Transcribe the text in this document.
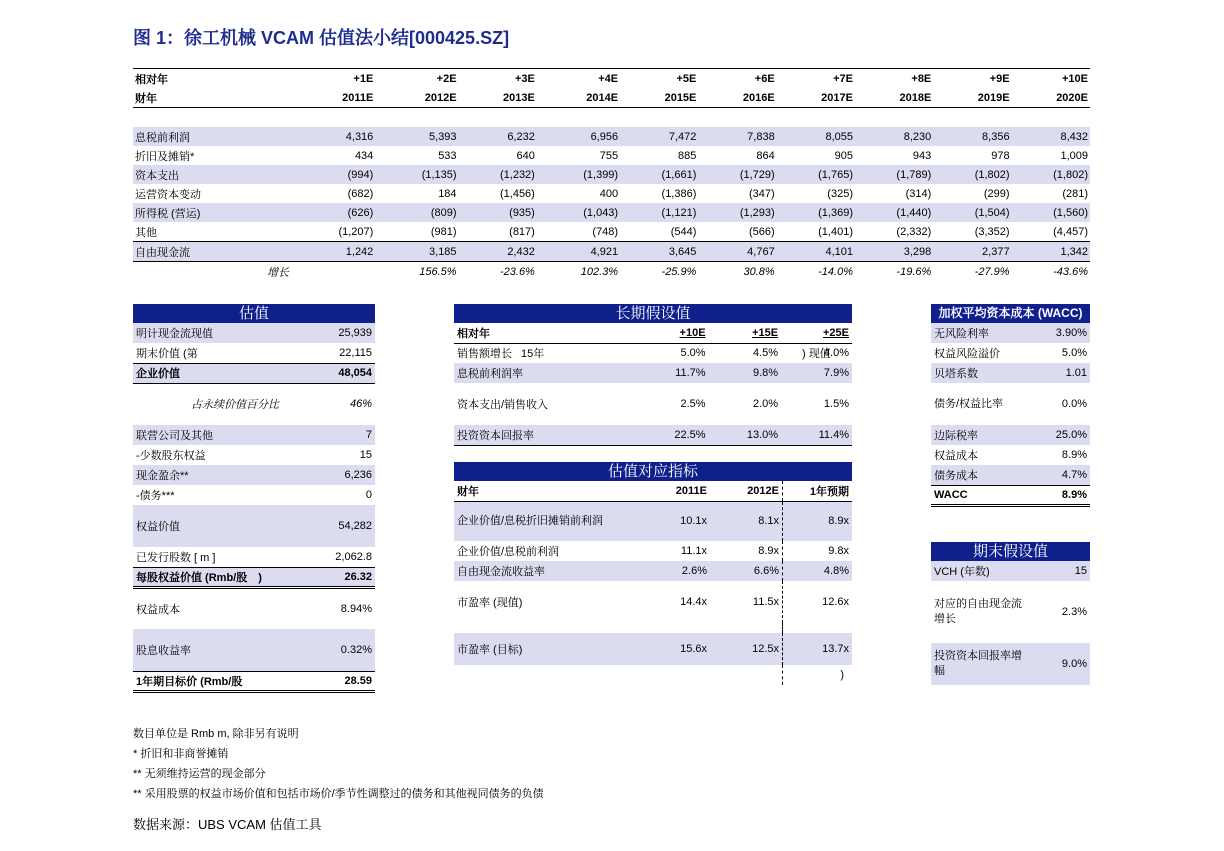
图 1：徐工机械 VCAM 估值法小结[000425.SZ]
相对年	+1E	+2E	+3E	+4E	+5E	+6E	+7E	+8E	+9E	+10E
财年	2011E	2012E	2013E	2014E	2015E	2016E	2017E	2018E	2019E	2020E

息税前利润	4,316	5,393	6,232	6,956	7,472	7,838	8,055	8,230	8,356	8,432
折旧及摊销*	434	533	640	755	885	864	905	943	978	1,009
资本支出	(994)	(1,135)	(1,232)	(1,399)	(1,661)	(1,729)	(1,765)	(1,789)	(1,802)	(1,802)
运营资本变动	(682)	184	(1,456)	400	(1,386)	(347)	(325)	(314)	(299)	(281)
所得税 (营运)	(626)	(809)	(935)	(1,043)	(1,121)	(1,293)	(1,369)	(1,440)	(1,504)	(1,560)
其他	(1,207)	(981)	(817)	(748)	(544)	(566)	(1,401)	(2,332)	(3,352)	(4,457)
自由现金流	1,242	3,185	2,432	4,921	3,645	4,767	4,101	3,298	2,377	1,342
增长		156.5%	-23.6%	102.3%	-25.9%	30.8%	-14.0%	-19.6%	-27.9%	-43.6%
估值
明计现金流现值	25,939
期末价值 (第	22,115
企业价值	48,054
占永续价值百分比	46%
联营公司及其他	7
-少数股东权益	15
现金盈余**	6,236
-债务***	0
权益价值	54,282
已发行股数 [ m ]	2,062.8
每股权益价值 (Rmb/股　)	26.32
权益成本	8.94%
股息收益率	0.32%
1年期目标价 (Rmb/股	28.59
长期假设值
相对年	+10E	+15E	+25E
销售额增长	5.0%	4.5%	4.0%
息税前利润率	11.7%	9.8%	7.9%
资本支出/销售收入	2.5%	2.0%	1.5%
投资资本回报率	22.5%	13.0%	11.4%
15年	) 现值
估值对应指标
财年	2011E	2012E	1年预期
企业价值/息税折旧摊销前利润	10.1x	8.1x	8.9x
企业价值/息税前利润	11.1x	8.9x	9.8x
自由现金流收益率	2.6%	6.6%	4.8%
市盈率 (现值)	14.4x	11.5x	12.6x

市盈率 (目标)	15.6x	12.5x	13.7x
			)
加权平均资本成本 (WACC)
无风险利率	3.90%
权益风险溢价	5.0%
贝塔系数	1.01
债务/权益比率	0.0%
边际税率	25.0%
权益成本	8.9%
债务成本	4.7%
WACC	8.9%
期末假设值
VCH (年数)	15
对应的自由现金流增长	2.3%
投资资本回报率增幅	9.0%
数目单位是 Rmb m, 除非另有说明
* 折旧和非商誉摊销
** 无须维持运营的现金部分
** 采用股票的权益市场价值和包括市场价/季节性调整过的债务和其他视同债务的负债
数据来源：UBS VCAM 估值工具
